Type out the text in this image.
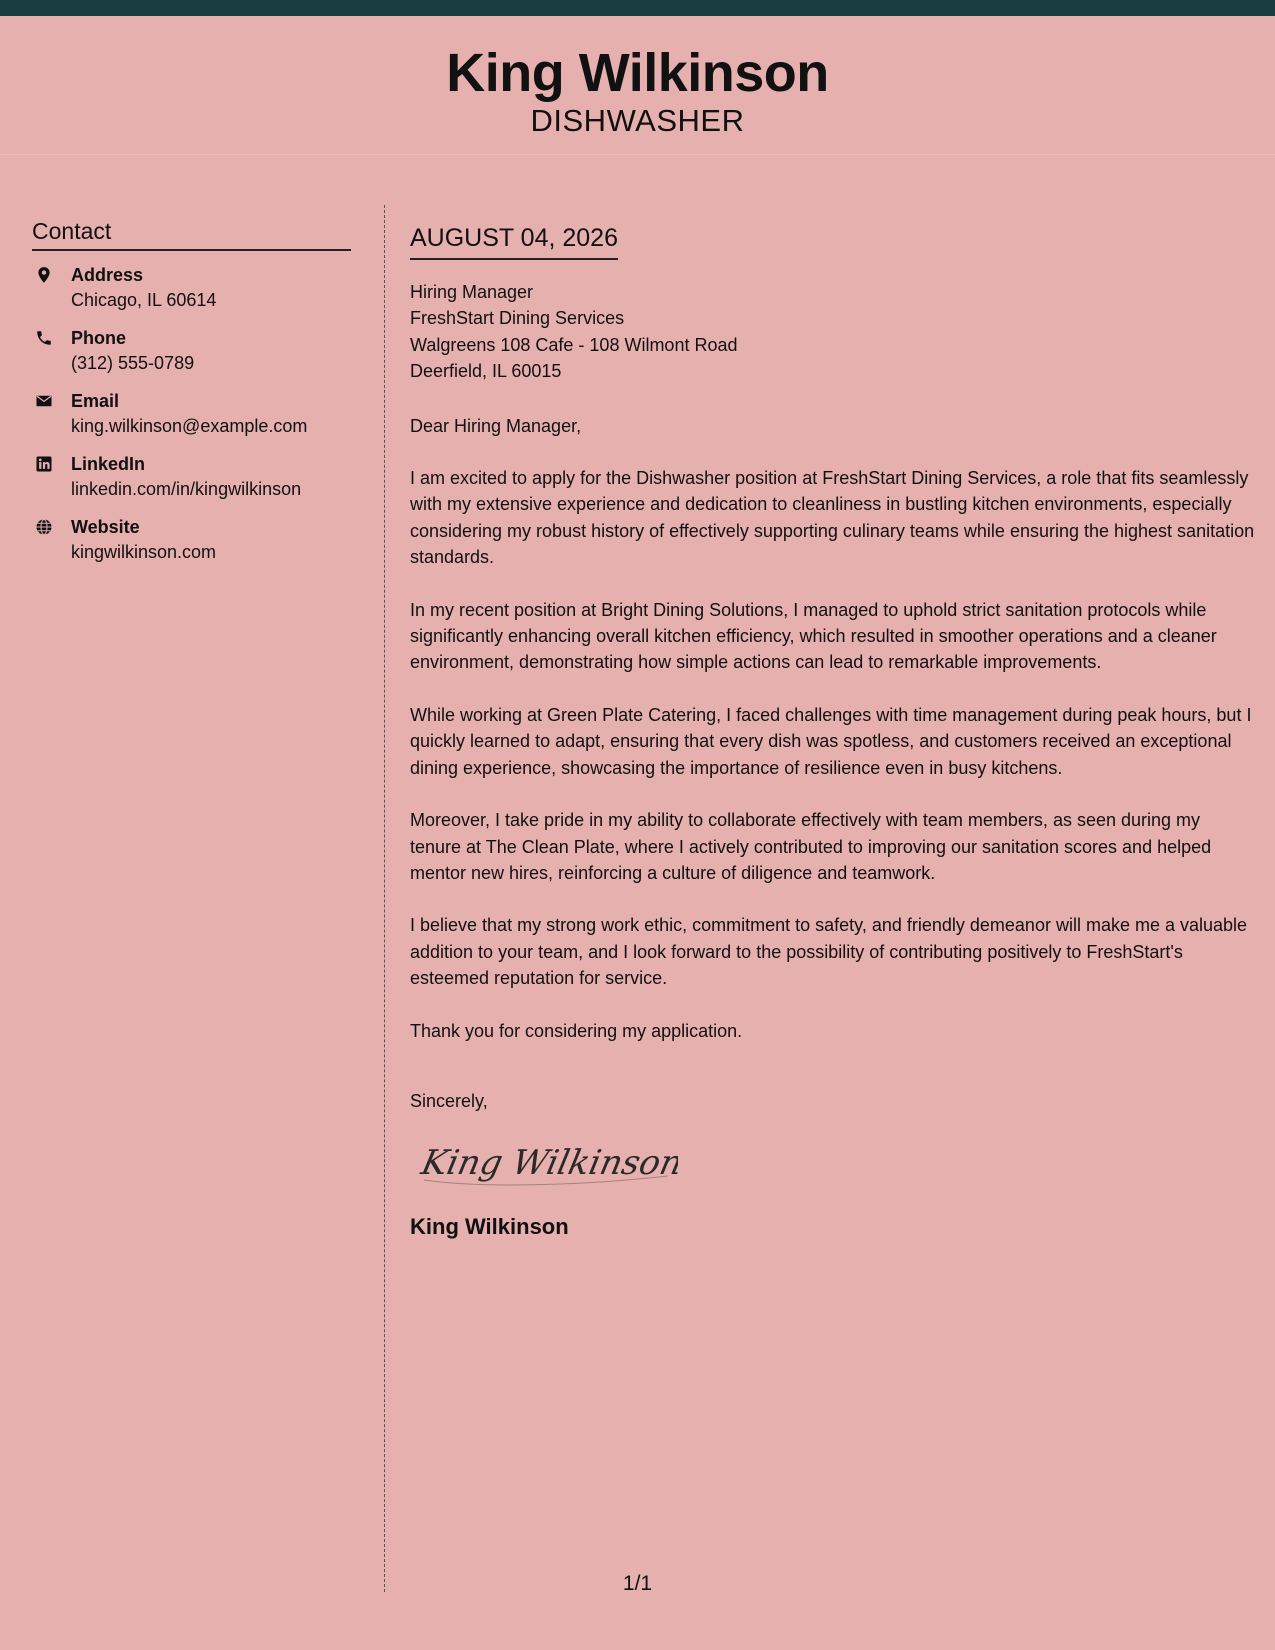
King Wilkinson
DISHWASHER
Contact
Address
Chicago, IL 60614
Phone
(312) 555-0789
Email
king.wilkinson@example.com
LinkedIn
linkedin.com/in/kingwilkinson
Website
kingwilkinson.com
AUGUST 04, 2026

Hiring Manager

FreshStart Dining Services

Walgreens 108 Cafe - 108 Wilmont Road

Deerfield, IL 60015

Dear Hiring Manager,

I am excited to apply for the Dishwasher position at FreshStart Dining Services, a role that fits seamlessly with my extensive experience and dedication to cleanliness in bustling kitchen environments, especially considering my robust history of effectively supporting culinary teams while ensuring the highest sanitation standards.

In my recent position at Bright Dining Solutions, I managed to uphold strict sanitation protocols while significantly enhancing overall kitchen efficiency, which resulted in smoother operations and a cleaner environment, demonstrating how simple actions can lead to remarkable improvements.

While working at Green Plate Catering, I faced challenges with time management during peak hours, but I quickly learned to adapt, ensuring that every dish was spotless, and customers received an exceptional dining experience, showcasing the importance of resilience even in busy kitchens.

Moreover, I take pride in my ability to collaborate effectively with team members, as seen during my tenure at The Clean Plate, where I actively contributed to improving our sanitation scores and helped mentor new hires, reinforcing a culture of diligence and teamwork.

I believe that my strong work ethic, commitment to safety, and friendly demeanor will make me a valuable addition to your team, and I look forward to the possibility of contributing positively to FreshStart's esteemed reputation for service.

Thank you for considering my application.

Sincerely,

King Wilkinson

King Wilkinson

1/1
